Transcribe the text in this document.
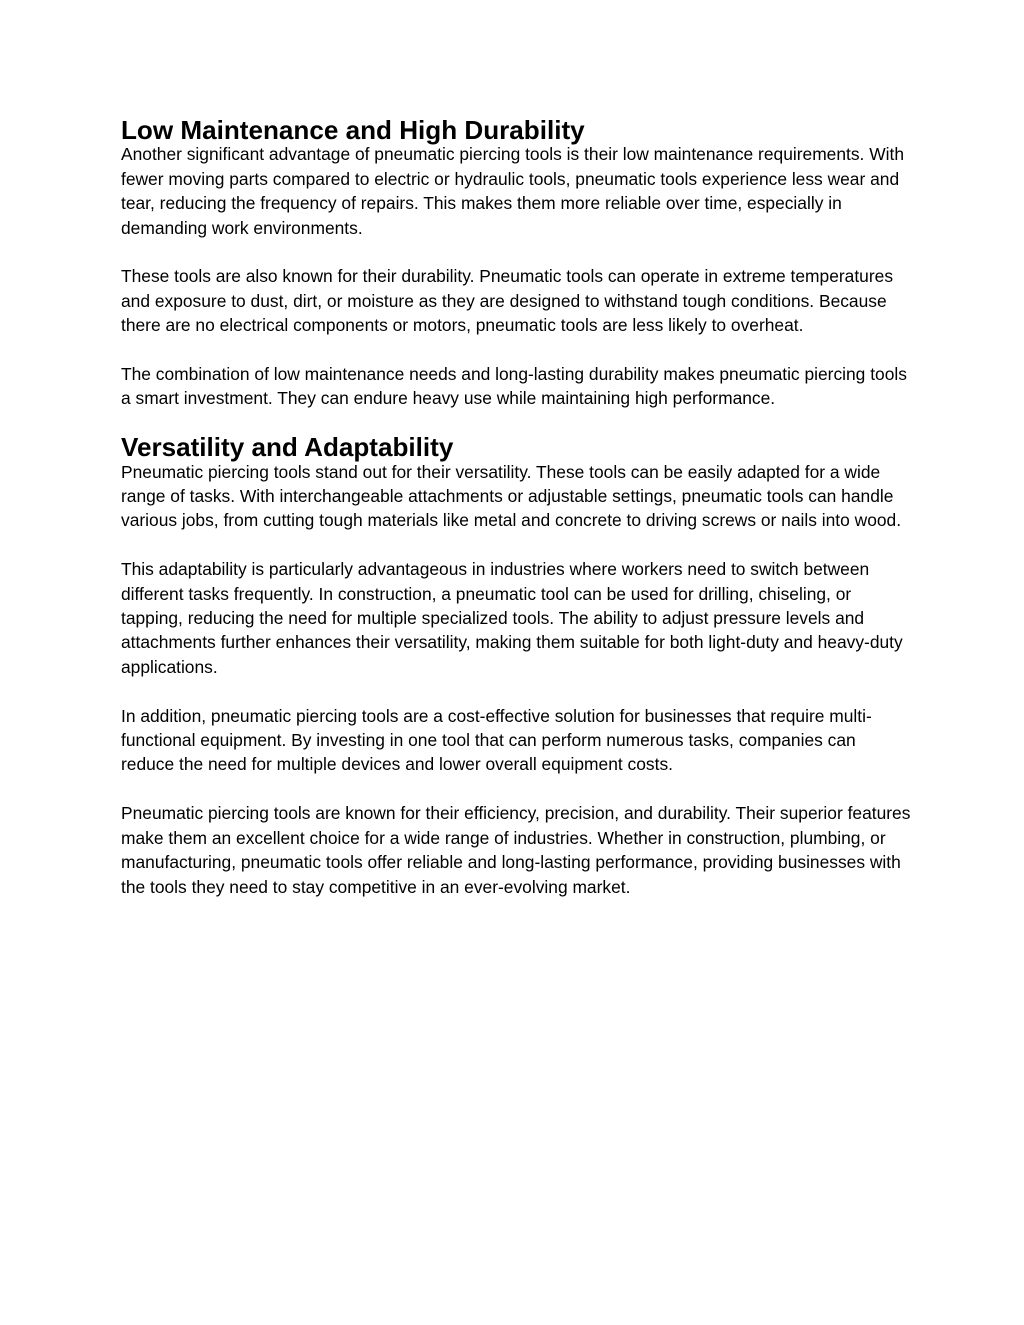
Low Maintenance and High Durability

Another significant advantage of pneumatic piercing tools is their low maintenance requirements. With fewer moving parts compared to electric or hydraulic tools, pneumatic tools experience less wear and tear, reducing the frequency of repairs. This makes them more reliable over time, especially in demanding work environments.

These tools are also known for their durability. Pneumatic tools can operate in extreme temperatures and exposure to dust, dirt, or moisture as they are designed to withstand tough conditions. Because there are no electrical components or motors, pneumatic tools are less likely to overheat.

The combination of low maintenance needs and long-lasting durability makes pneumatic piercing tools a smart investment. They can endure heavy use while maintaining high performance.

Versatility and Adaptability

Pneumatic piercing tools stand out for their versatility. These tools can be easily adapted for a wide range of tasks. With interchangeable attachments or adjustable settings, pneumatic tools can handle various jobs, from cutting tough materials like metal and concrete to driving screws or nails into wood.

This adaptability is particularly advantageous in industries where workers need to switch between different tasks frequently. In construction, a pneumatic tool can be used for drilling, chiseling, or tapping, reducing the need for multiple specialized tools. The ability to adjust pressure levels and attachments further enhances their versatility, making them suitable for both light-duty and heavy-duty applications.

In addition, pneumatic piercing tools are a cost-effective solution for businesses that require multi-functional equipment. By investing in one tool that can perform numerous tasks, companies can reduce the need for multiple devices and lower overall equipment costs.

Pneumatic piercing tools are known for their efficiency, precision, and durability. Their superior features make them an excellent choice for a wide range of industries. Whether in construction, plumbing, or manufacturing, pneumatic tools offer reliable and long-lasting performance, providing businesses with the tools they need to stay competitive in an ever-evolving market.
